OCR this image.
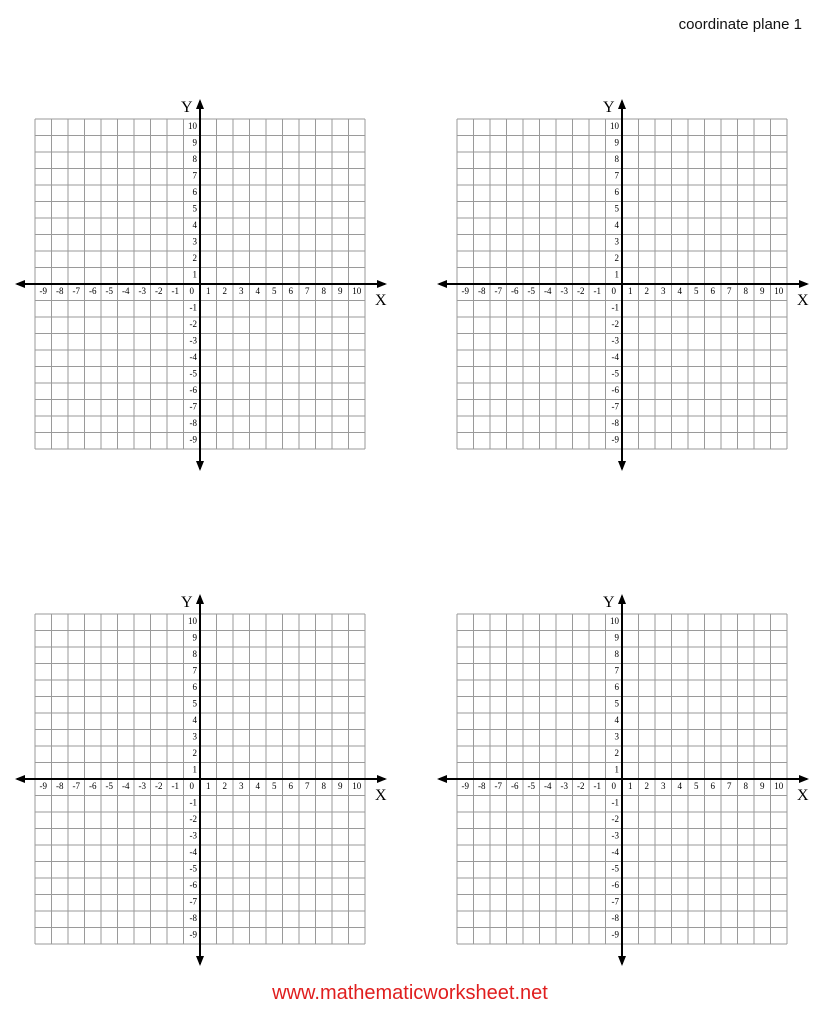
coordinate plane 1
-9 -8 -7 -6 -5 -4 -3 -2 -1 0 1 2 3 4 5 6 7 8 9 10
10
9
8
7
6
5
4
3
2
1
-1
-2
-3
-4
-5
-6
-7
-8
-9
X
Y
-9 -8 -7 -6 -5 -4 -3 -2 -1 0 1 2 3 4 5 6 7 8 9 10
10
9
8
7
6
5
4
3
2
1
-1
-2
-3
-4
-5
-6
-7
-8
-9
X
Y
-9 -8 -7 -6 -5 -4 -3 -2 -1 0 1 2 3 4 5 6 7 8 9 10
10
9
8
7
6
5
4
3
2
1
-1
-2
-3
-4
-5
-6
-7
-8
-9
X
Y
-9 -8 -7 -6 -5 -4 -3 -2 -1 0 1 2 3 4 5 6 7 8 9 10
10
9
8
7
6
5
4
3
2
1
-1
-2
-3
-4
-5
-6
-7
-8
-9
X
Y
www.mathematicworksheet.net
